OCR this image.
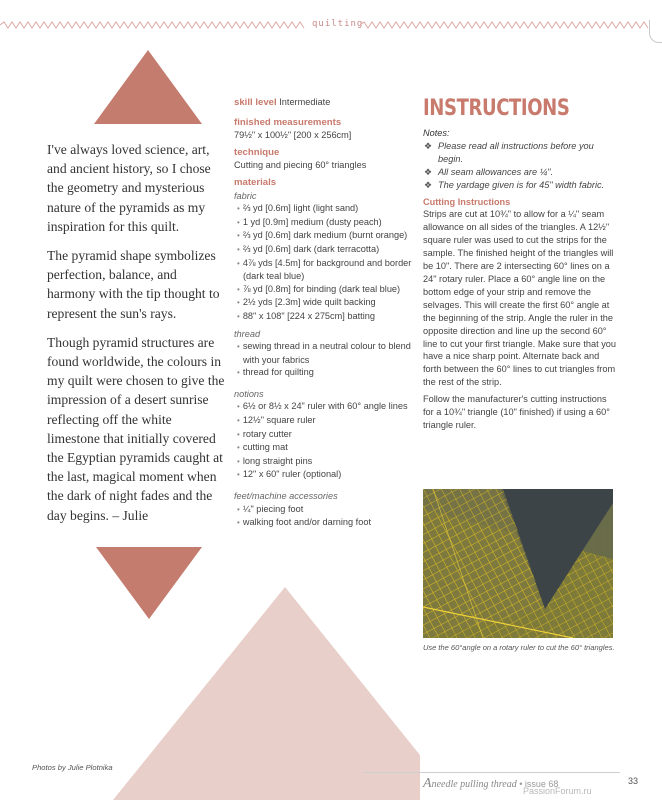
quilting

I've always loved science, art, and ancient history, so I chose the geometry and mysterious nature of the pyramids as my inspiration for this quilt.

The pyramid shape symbolizes perfection, balance, and harmony with the tip thought to represent the sun's rays.

Though pyramid structures are found worldwide, the colours in my quilt were chosen to give the impression of a desert sunrise reflecting off the white limestone that initially covered the Egyptian pyramids caught at the last, magical moment when the dark of night fades and the day begins. – Julie

skill level Intermediate
finished measurements
79½" x 100½" [200 x 256cm]
technique
Cutting and piecing 60° triangles
materials
fabric
• ⅔ yd [0.6m] light (light sand)
• 1 yd [0.9m] medium (dusty peach)
• ⅔ yd [0.6m] dark medium (burnt orange)
• ⅔ yd [0.6m] dark (dark terracotta)
• 4⅞ yds [4.5m] for background and border (dark teal blue)
• ⅞ yd [0.8m] for binding (dark teal blue)
• 2½ yds [2.3m] wide quilt backing
• 88" x 108" [224 x 275cm] batting
thread
• sewing thread in a neutral colour to blend with your fabrics
• thread for quilting
notions
• 6½ or 8½ x 24" ruler with 60° angle lines
• 12½" square ruler
• rotary cutter
• cutting mat
• long straight pins
• 12" x 60" ruler (optional)
feet/machine accessories
• ¼" piecing foot
• walking foot and/or darning foot
INSTRUCTIONS
Notes:
❖ Please read all instructions before you begin.
❖ All seam allowances are ¼".
❖ The yardage given is for 45" width fabric.
Cutting Instructions

Strips are cut at 10¾" to allow for a ¼" seam allowance on all sides of the triangles. A 12½" square ruler was used to cut the strips for the sample. The finished height of the triangles will be 10". There are 2 intersecting 60° lines on a 24" rotary ruler. Place a 60° angle line on the bottom edge of your strip and remove the selvages. This will create the first 60° angle at the beginning of the strip. Angle the ruler in the opposite direction and line up the second 60° line to cut your first triangle. Make sure that you have a nice sharp point. Alternate back and forth between the 60° lines to cut triangles from the rest of the strip.

Follow the manufacturer's cutting instructions for a 10¾" triangle (10" finished) if using a 60° triangle ruler.

Use the 60°angle on a rotary ruler to cut the 60° triangles.
Photos by Julie Plotnika
Aneedle pulling thread • issue 68	33
PassionForum.ru
